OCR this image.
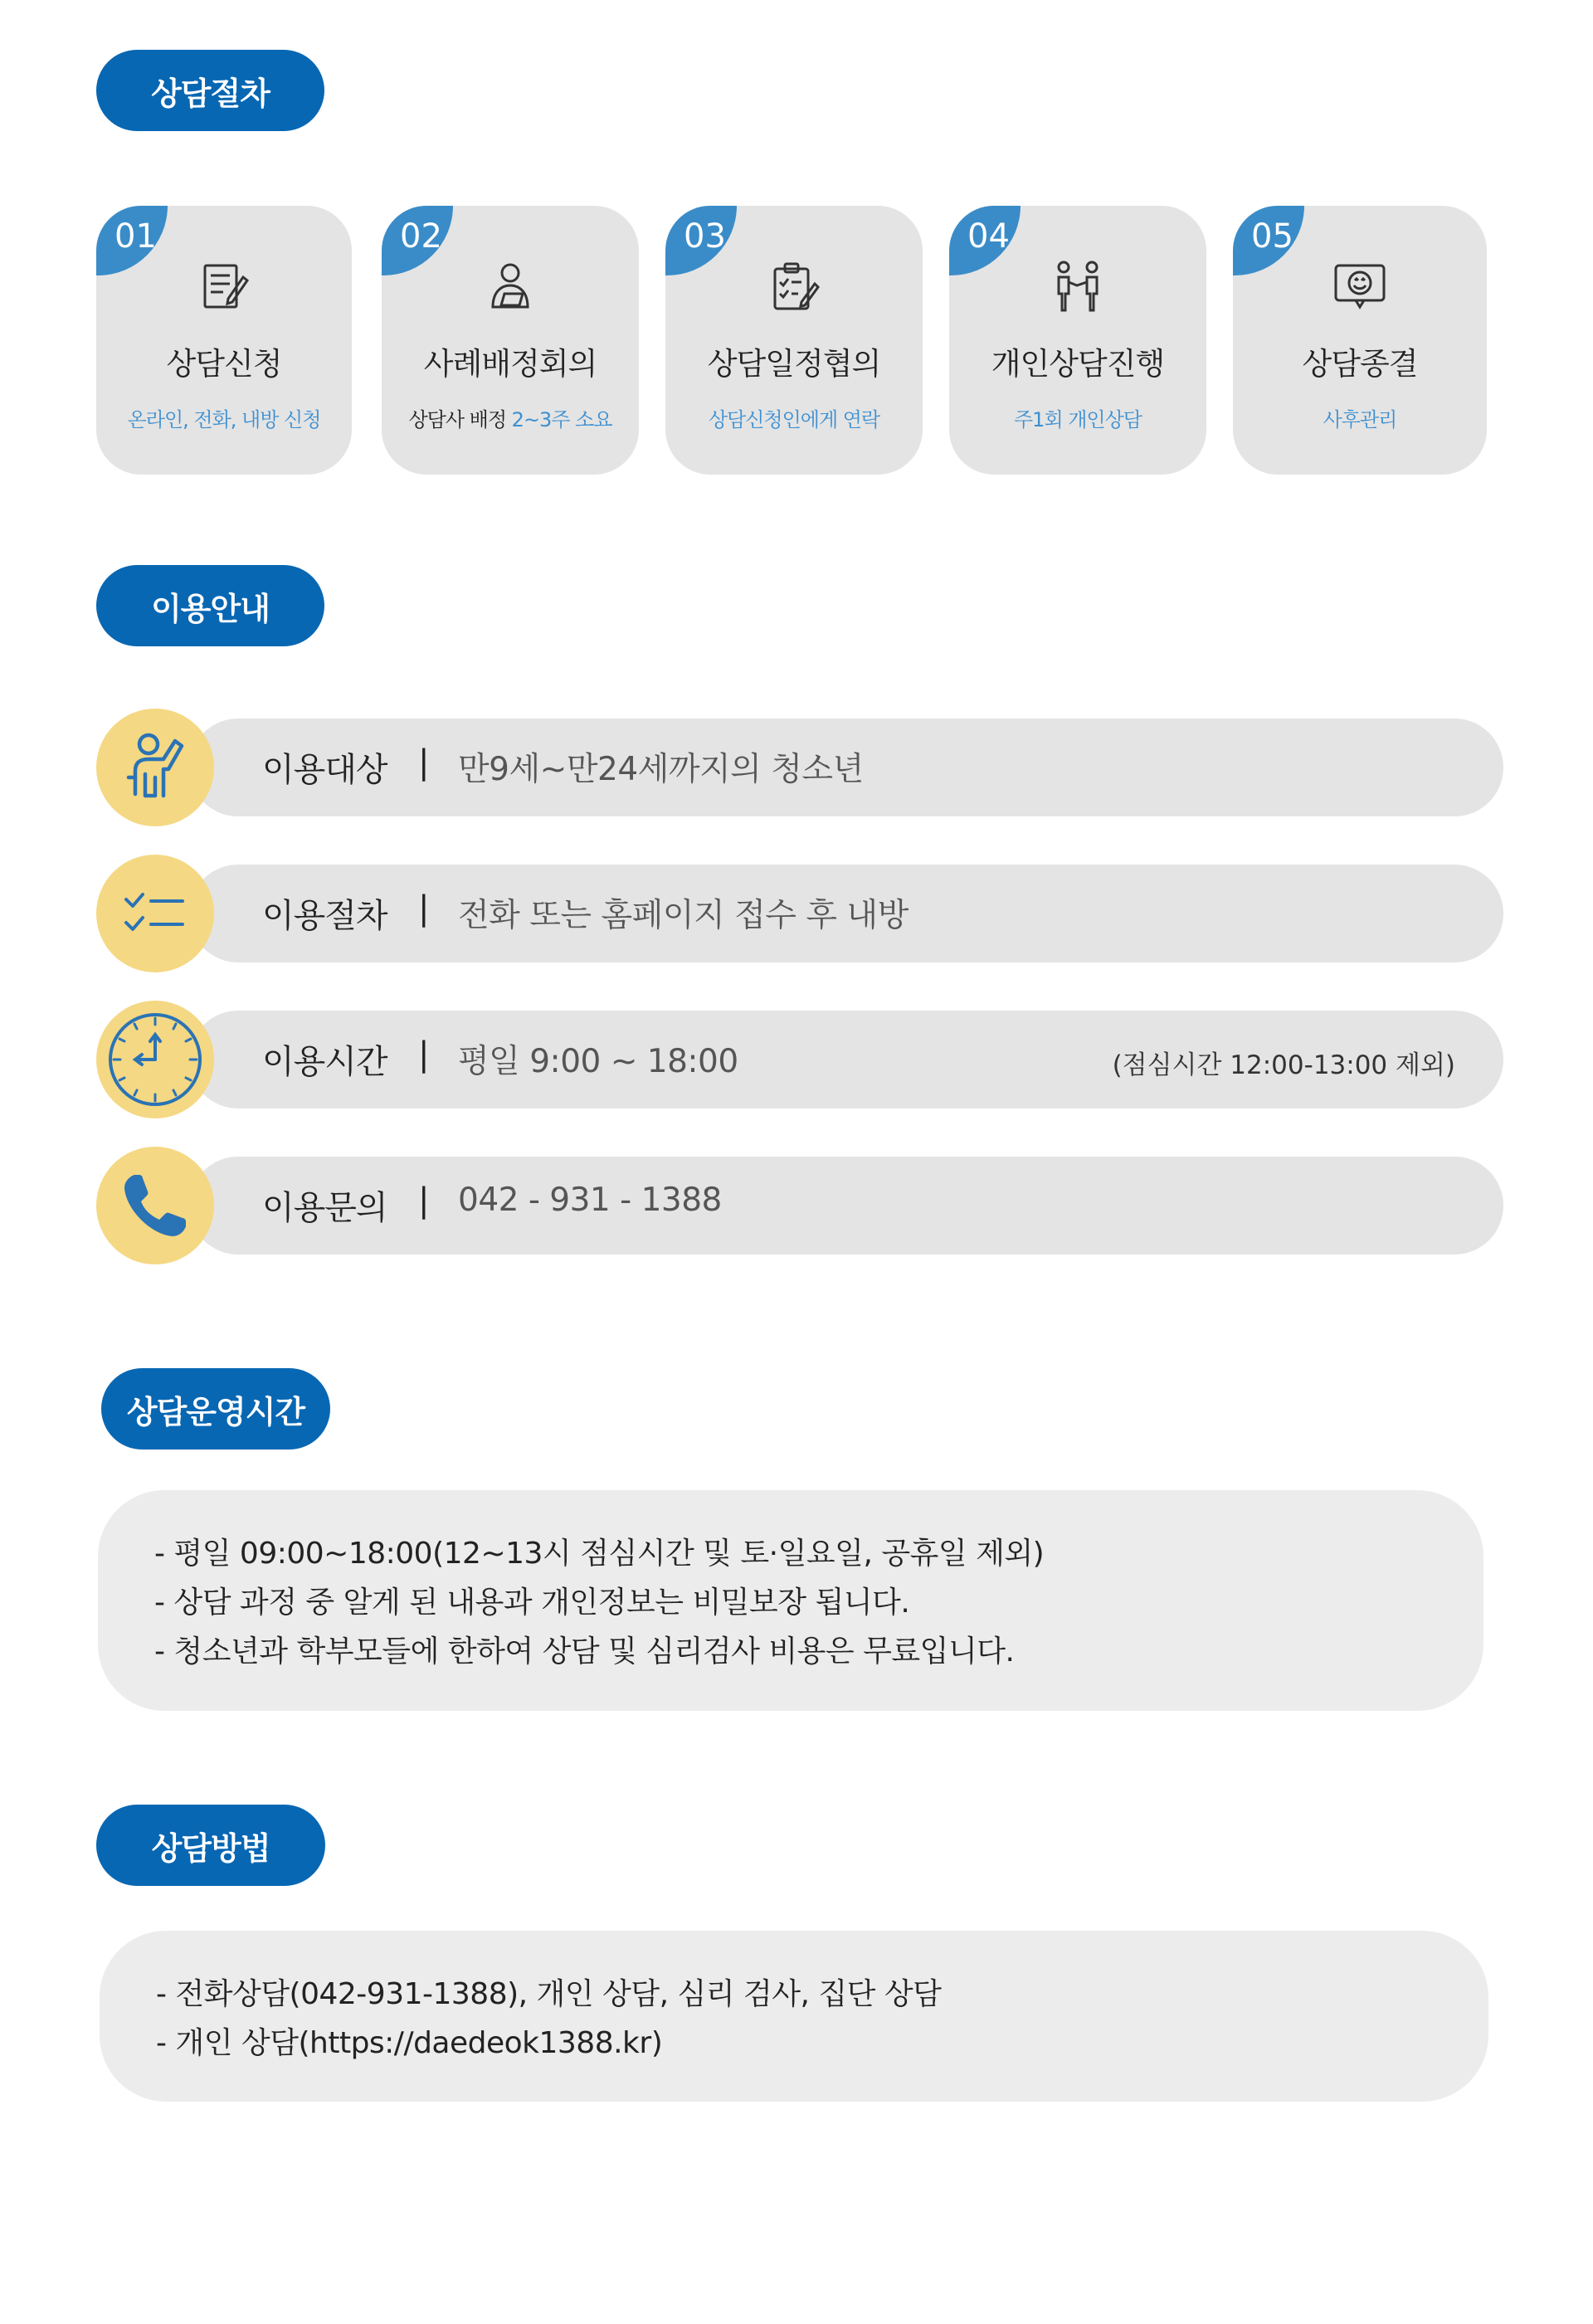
상담절차
01
상담신청
온라인, 전화, 내방 신청
02
사례배정회의
상담사 배정 2~3주 소요
03
상담일정협의
상담신청인에게 연락
04
개인상담진행
주1회 개인상담
05
상담종결
사후관리
이용안내
이용대상 | 만9세~만24세까지의 청소년
이용절차 | 전화 또는 홈페이지 접수 후 내방
이용시간 | 평일 9:00 ~ 18:00	(점심시간 12:00-13:00 제외)
이용문의 | 042 - 931 - 1388
상담운영시간
- 평일 09:00~18:00(12~13시 점심시간 및 토·일요일, 공휴일 제외)
- 상담 과정 중 알게 된 내용과 개인정보는 비밀보장 됩니다.
- 청소년과 학부모들에 한하여 상담 및 심리검사 비용은 무료입니다.
상담방법
- 전화상담(042-931-1388), 개인 상담, 심리 검사, 집단 상담
- 개인 상담(https://daedeok1388.kr)
